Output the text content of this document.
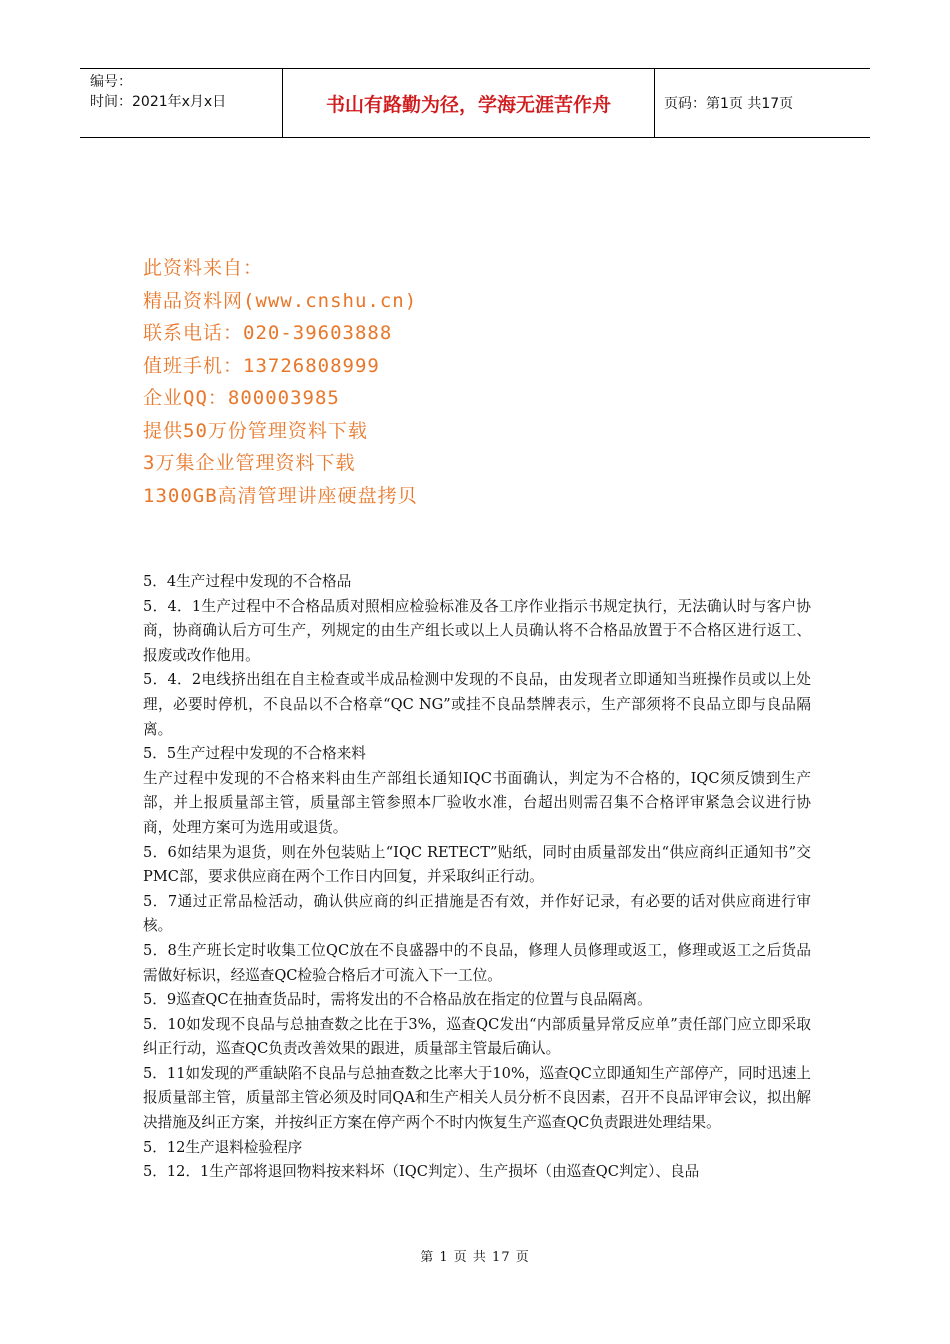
编号：
时间：2021年x月x日	书山有路勤为径，学海无涯苦作舟	页码：第1页 共17页
此资料来自：
精品资料网(www.cnshu.cn)
联系电话：020-39603888
值班手机：13726808999
企业QQ：800003985
提供50万份管理资料下载
3万集企业管理资料下载
1300GB高清管理讲座硬盘拷贝

5．4生产过程中发现的不合格品

5．4．1生产过程中不合格品质对照相应检验标准及各工序作业指示书规定执行，无法确认时与客户协商，协商确认后方可生产，列规定的由生产组长或以上人员确认将不合格品放置于不合格区进行返工、报废或改作他用。

5．4．2电线挤出组在自主检查或半成品检测中发现的不良品，由发现者立即通知当班操作员或以上处理，必要时停机，不良品以不合格章“QC NG”或挂不良品禁牌表示，生产部须将不良品立即与良品隔离。

5．5生产过程中发现的不合格来料

生产过程中发现的不合格来料由生产部组长通知IQC书面确认，判定为不合格的，IQC须反馈到生产部，并上报质量部主管，质量部主管参照本厂验收水准，台超出则需召集不合格评审紧急会议进行协商，处理方案可为选用或退货。

5．6如结果为退货，则在外包装贴上“IQC RETECT”贴纸，同时由质量部发出“供应商纠正通知书”交PMC部，要求供应商在两个工作日内回复，并采取纠正行动。

5．7通过正常品检活动，确认供应商的纠正措施是否有效，并作好记录，有必要的话对供应商进行审核。

5．8生产班长定时收集工位QC放在不良盛器中的不良品，修理人员修理或返工，修理或返工之后货品需做好标识，经巡查QC检验合格后才可流入下一工位。

5．9巡查QC在抽查货品时，需将发出的不合格品放在指定的位置与良品隔离。

5．10如发现不良品与总抽查数之比在于3%，巡查QC发出“内部质量异常反应单”责任部门应立即采取纠正行动，巡查QC负责改善效果的跟进，质量部主管最后确认。

5．11如发现的严重缺陷不良品与总抽查数之比率大于10%，巡查QC立即通知生产部停产，同时迅速上报质量部主管，质量部主管必须及时同QA和生产相关人员分析不良因素，召开不良品评审会议，拟出解决措施及纠正方案，并按纠正方案在停产两个不时内恢复生产巡查QC负责跟进处理结果。

5．12生产退料检验程序

5．12．1生产部将退回物料按来料坏（IQC判定）、生产损坏（由巡查QC判定）、良品

第 1 页 共 17 页
